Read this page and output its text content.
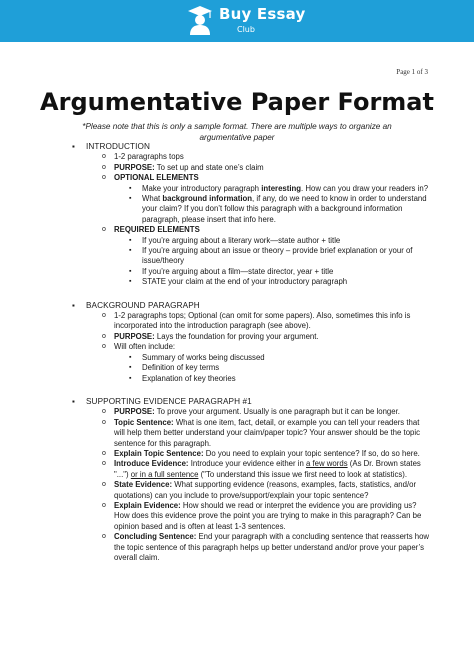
Buy Essay
Club
Page 1 of 3
Argumentative Paper Format
*Please note that this is only a sample format. There are multiple ways to organize an argumentative paper
▪ INTRODUCTION
o 1-2 paragraphs tops
o PURPOSE: To set up and state one’s claim
o OPTIONAL ELEMENTS
▪ Make your introductory paragraph interesting. How can you draw your readers in?
▪ What background information, if any, do we need to know in order to understand your claim? If you don’t follow this paragraph with a background information paragraph, please insert that info here.
o REQUIRED ELEMENTS
▪ If you’re arguing about a literary work—state author + title
▪ If you’re arguing about an issue or theory – provide brief explanation or your of issue/theory
▪ If you’re arguing about a film—state director, year + title
▪ STATE your claim at the end of your introductory paragraph
▪ BACKGROUND PARAGRAPH
o 1-2 paragraphs tops; Optional (can omit for some papers). Also, sometimes this info is incorporated into the introduction paragraph (see above).
o PURPOSE: Lays the foundation for proving your argument.
o Will often include:
▪ Summary of works being discussed
▪ Definition of key terms
▪ Explanation of key theories
▪ SUPPORTING EVIDENCE PARAGRAPH #1
o PURPOSE: To prove your argument. Usually is one paragraph but it can be longer.
o Topic Sentence: What is one item, fact, detail, or example you can tell your readers that will help them better understand your claim/paper topic? Your answer should be the topic sentence for this paragraph.
o Explain Topic Sentence: Do you need to explain your topic sentence? If so, do so here.
o Introduce Evidence: Introduce your evidence either in a few words (As Dr. Brown states "...") or in a full sentence ("To understand this issue we first need to look at statistics).
o State Evidence: What supporting evidence (reasons, examples, facts, statistics, and/or quotations) can you include to prove/support/explain your topic sentence?
o Explain Evidence: How should we read or interpret the evidence you are providing us? How does this evidence prove the point you are trying to make in this paragraph? Can be opinion based and is often at least 1-3 sentences.
o Concluding Sentence: End your paragraph with a concluding sentence that reasserts how the topic sentence of this paragraph helps up better understand and/or prove your paper’s overall claim.
